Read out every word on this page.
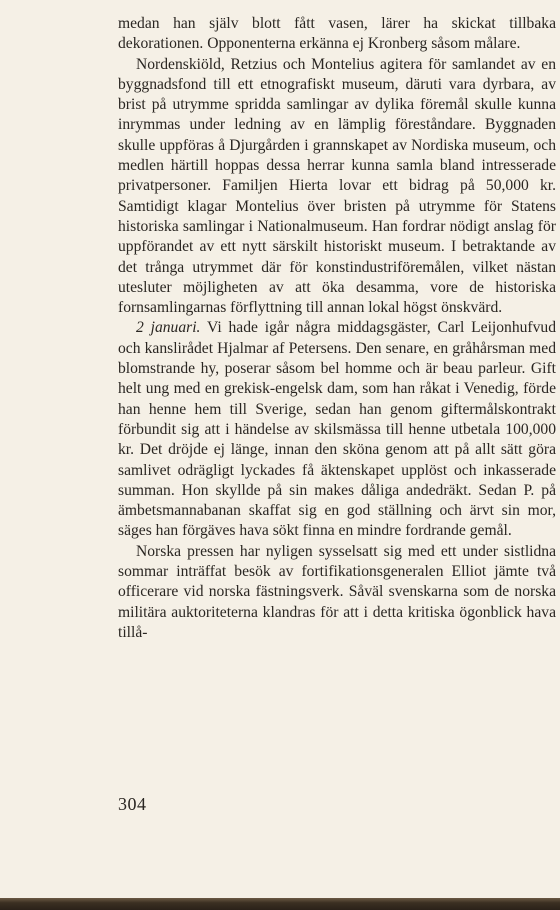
medan han själv blott fått vasen, lärer ha skickat tillbaka dekorationen. Opponenterna erkänna ej Kronberg såsom målare.

Nordenskiöld, Retzius och Montelius agitera för samlandet av en byggnadsfond till ett etnografiskt museum, däruti vara dyrbara, av brist på utrymme spridda samlingar av dylika föremål skulle kunna inrymmas under ledning av en lämplig föreståndare. Byggnaden skulle uppföras å Djurgården i grannskapet av Nordiska museum, och medlen härtill hoppas dessa herrar kunna samla bland intresserade privatpersoner. Familjen Hierta lovar ett bidrag på 50,000 kr. Samtidigt klagar Montelius över bristen på utrymme för Statens historiska samlingar i Nationalmuseum. Han fordrar nödigt anslag för uppförandet av ett nytt särskilt historiskt museum. I betraktande av det trånga utrymmet där för konstindustriföremålen, vilket nästan utesluter möjligheten av att öka desamma, vore de historiska fornsamlingarnas förflyttning till annan lokal högst önskvärd.

2 januari. Vi hade igår några middagsgäster, Carl Leijonhufvud och kanslirådet Hjalmar af Petersens. Den senare, en gråhårsman med blomstrande hy, poserar såsom bel homme och är beau parleur. Gift helt ung med en grekisk-engelsk dam, som han råkat i Venedig, förde han henne hem till Sverige, sedan han genom giftermålskontrakt förbundit sig att i händelse av skilsmässa till henne utbetala 100,000 kr. Det dröjde ej länge, innan den sköna genom att på allt sätt göra samlivet odrägligt lyckades få äktenskapet upplöst och inkasserade summan. Hon skyllde på sin makes dåliga andedräkt. Sedan P. på ämbetsmannabanan skaffat sig en god ställning och ärvt sin mor, säges han förgäves hava sökt finna en mindre fordrande gemål.

Norska pressen har nyligen sysselsatt sig med ett under sistlidna sommar inträffat besök av fortifikationsgeneralen Elliot jämte två officerare vid norska fästningsverk. Såväl svenskarna som de norska militära auktoriteterna klandras för att i detta kritiska ögonblick hava tillå-

304
